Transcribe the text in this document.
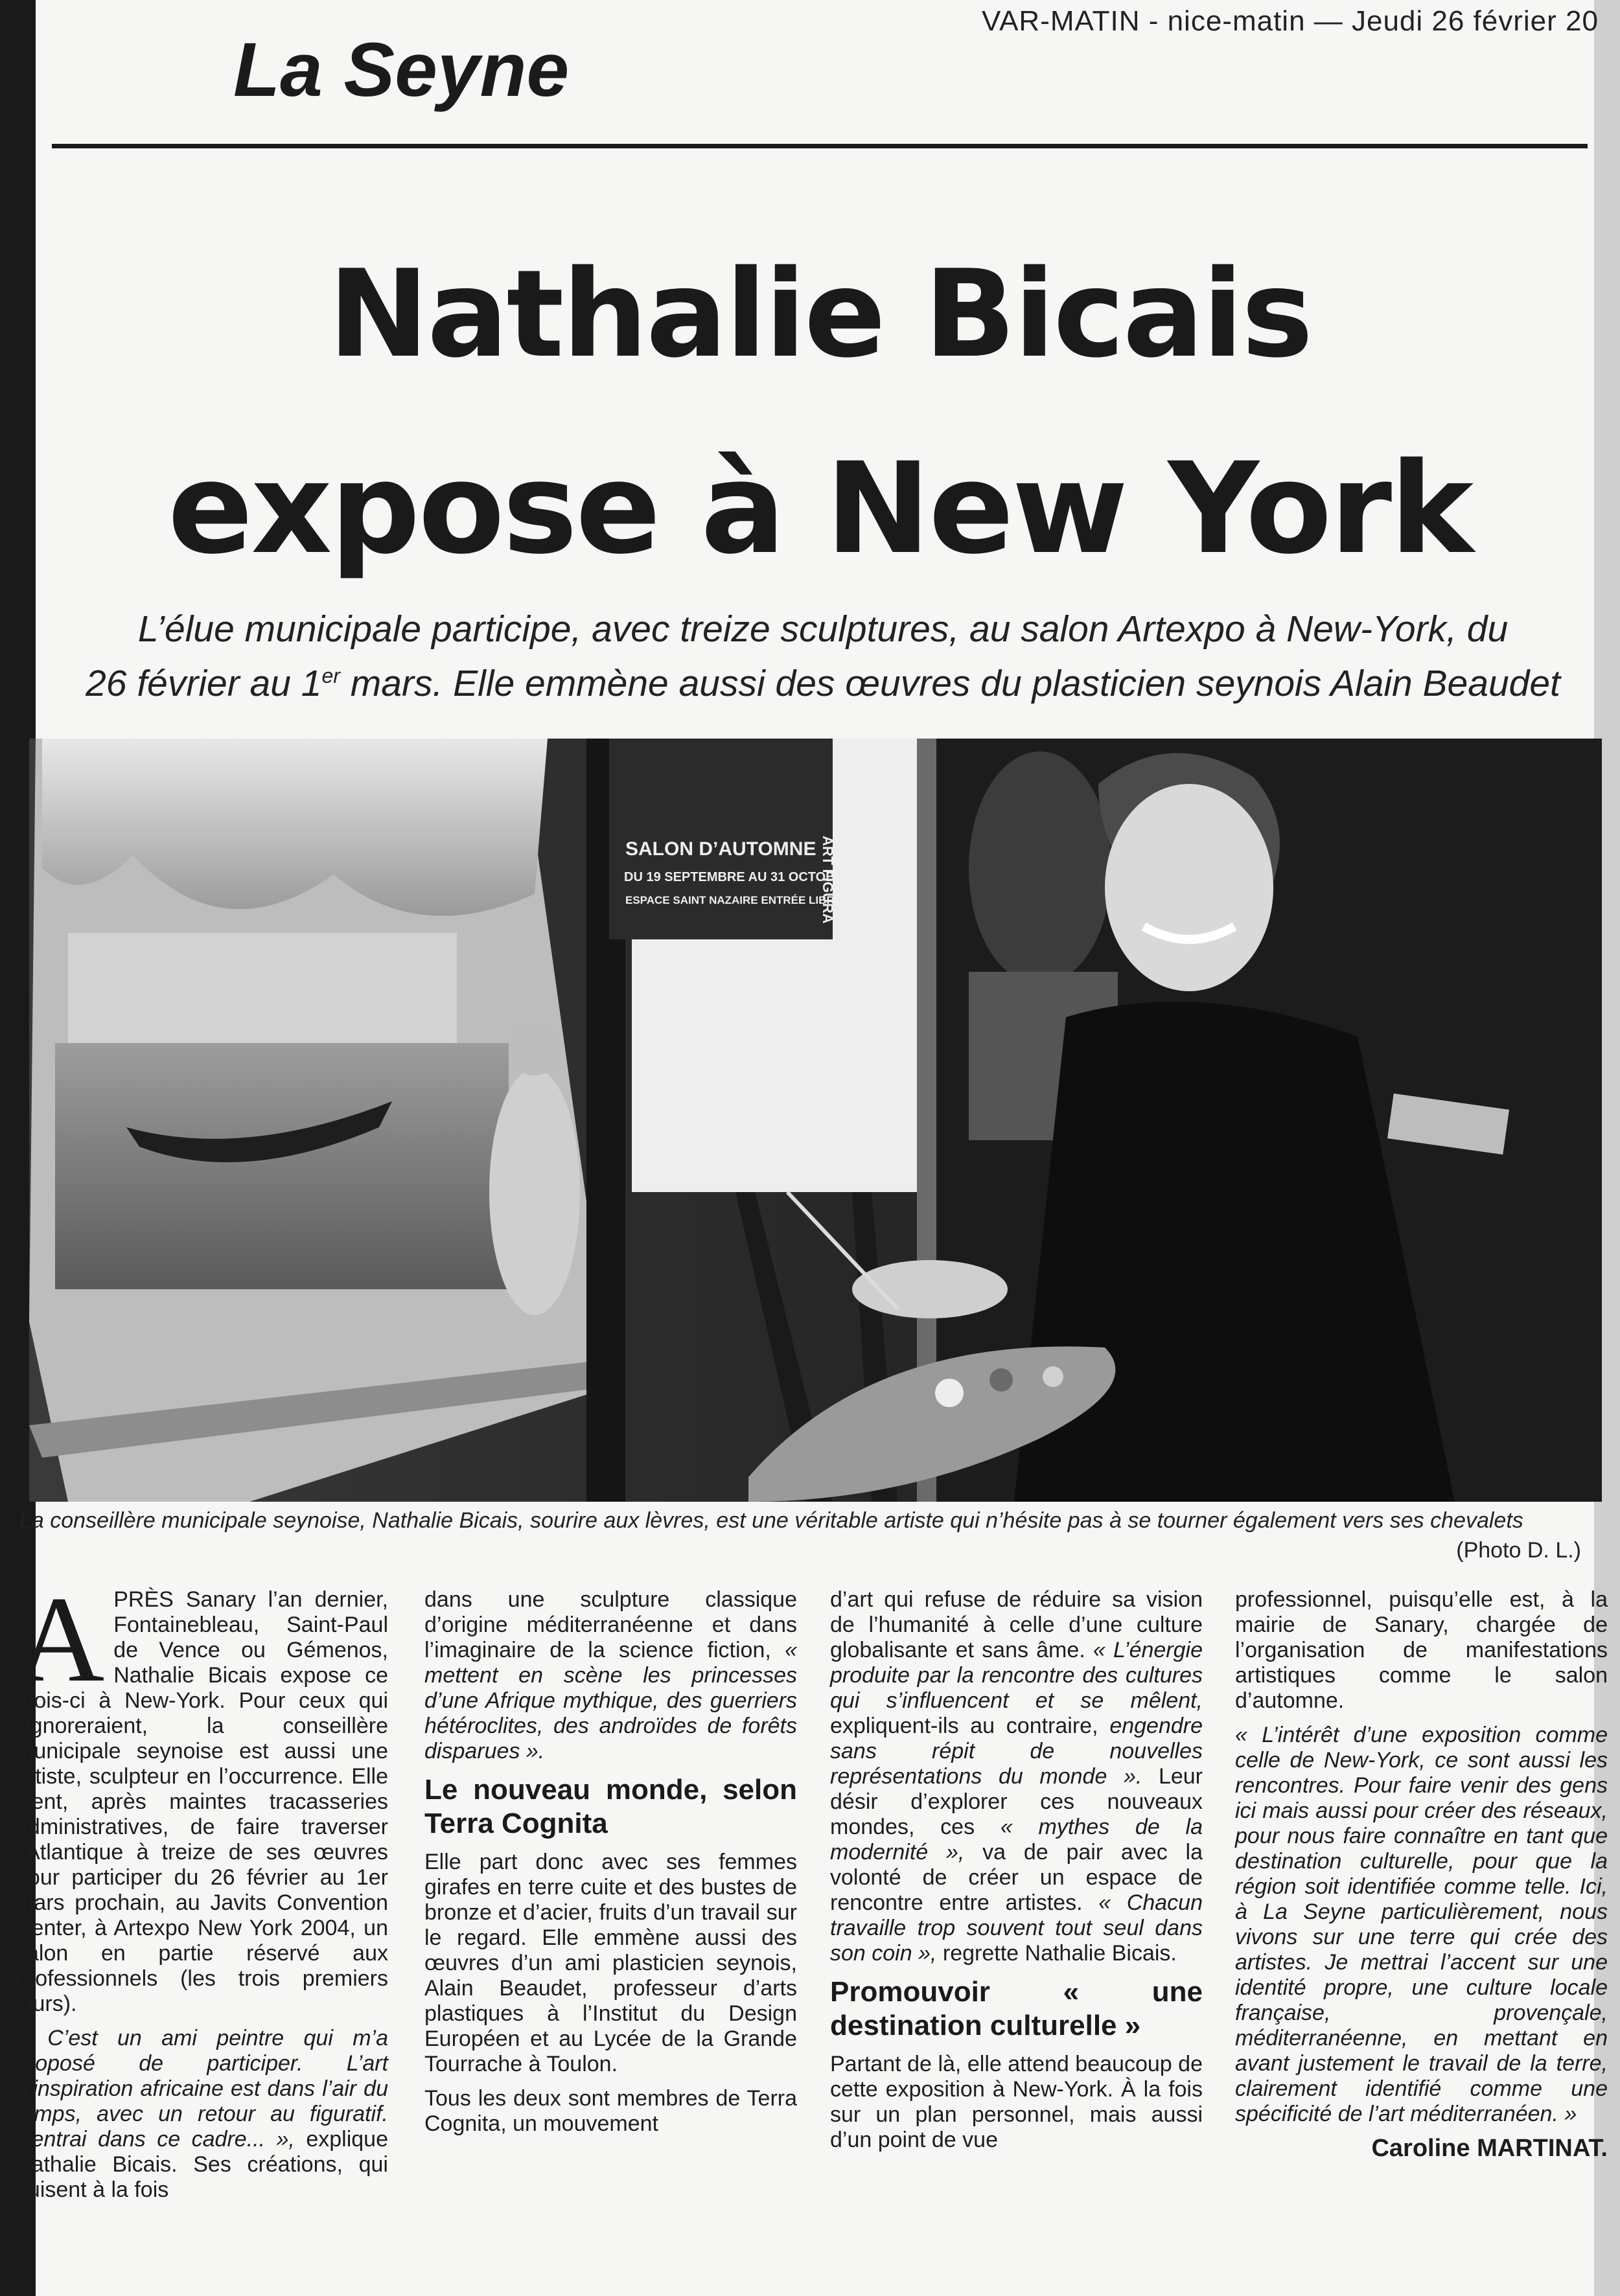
VAR-MATIN - nice-matin — Jeudi 26 février 20
La Seyne
Nathalie Bicais
expose à New York
L’élue municipale participe, avec treize sculptures, au salon Artexpo à New-York, du
26 février au 1er mars. Elle emmène aussi des œuvres du plasticien seynois Alain Beaudet
SALON D’AUTOMNE
DU 19 SEPTEMBRE AU 31 OCTOBRE
ESPACE SAINT NAZAIRE ENTRÉE LIBRE
ART FIGURA
La conseillère municipale seynoise, Nathalie Bicais, sourire aux lèvres, est une véritable artiste qui n’hésite pas à se tourner également vers ses chevalets
(Photo D. L.)

APRÈS Sanary l’an dernier, Fontainebleau, Saint-Paul de Vence ou Gémenos, Nathalie Bicais expose ce mois-ci à New-York. Pour ceux qui l’ignoreraient, la conseillère municipale seynoise est aussi une artiste, sculpteur en l’occurrence. Elle vient, après maintes tracasseries administratives, de faire traverser l’Atlantique à treize de ses œuvres pour participer du 26 février au 1er mars prochain, au Javits Convention Center, à Artexpo New York 2004, un salon en partie réservé aux professionnels (les trois premiers jours).

« C’est un ami peintre qui m’a proposé de participer. L’art d’inspiration africaine est dans l’air du temps, avec un retour au figuratif. J’entrai dans ce cadre... », explique Nathalie Bicais. Ses créations, qui puisent à la fois

dans une sculpture classique d’origine méditerranéenne et dans l’imaginaire de la science fiction, « mettent en scène les princesses d’une Afrique mythique, des guerriers hétéroclites, des androïdes de forêts disparues ».

Le nouveau monde, selon Terra Cognita

Elle part donc avec ses femmes girafes en terre cuite et des bustes de bronze et d’acier, fruits d’un travail sur le regard. Elle emmène aussi des œuvres d’un ami plasticien seynois, Alain Beaudet, professeur d’arts plastiques à l’Institut du Design Européen et au Lycée de la Grande Tourrache à Toulon.

Tous les deux sont membres de Terra Cognita, un mouvement

d’art qui refuse de réduire sa vision de l’humanité à celle d’une culture globalisante et sans âme. « L’énergie produite par la rencontre des cultures qui s’influencent et se mêlent, expliquent-ils au contraire, engendre sans répit de nouvelles représentations du monde ». Leur désir d’explorer ces nouveaux mondes, ces « mythes de la modernité », va de pair avec la volonté de créer un espace de rencontre entre artistes. « Chacun travaille trop souvent tout seul dans son coin », regrette Nathalie Bicais.

Promouvoir « une destination culturelle »

Partant de là, elle attend beaucoup de cette exposition à New-York. À la fois sur un plan personnel, mais aussi d’un point de vue

professionnel, puisqu’elle est, à la mairie de Sanary, chargée de l’organisation de manifestations artistiques comme le salon d’automne.

« L’intérêt d’une exposition comme celle de New-York, ce sont aussi les rencontres. Pour faire venir des gens ici mais aussi pour créer des réseaux, pour nous faire connaître en tant que destination culturelle, pour que la région soit identifiée comme telle. Ici, à La Seyne particulièrement, nous vivons sur une terre qui crée des artistes. Je mettrai l’accent sur une identité propre, une culture locale française, provençale, méditerranéenne, en mettant en avant justement le travail de la terre, clairement identifié comme une spécificité de l’art méditerranéen. »

Caroline MARTINAT.
